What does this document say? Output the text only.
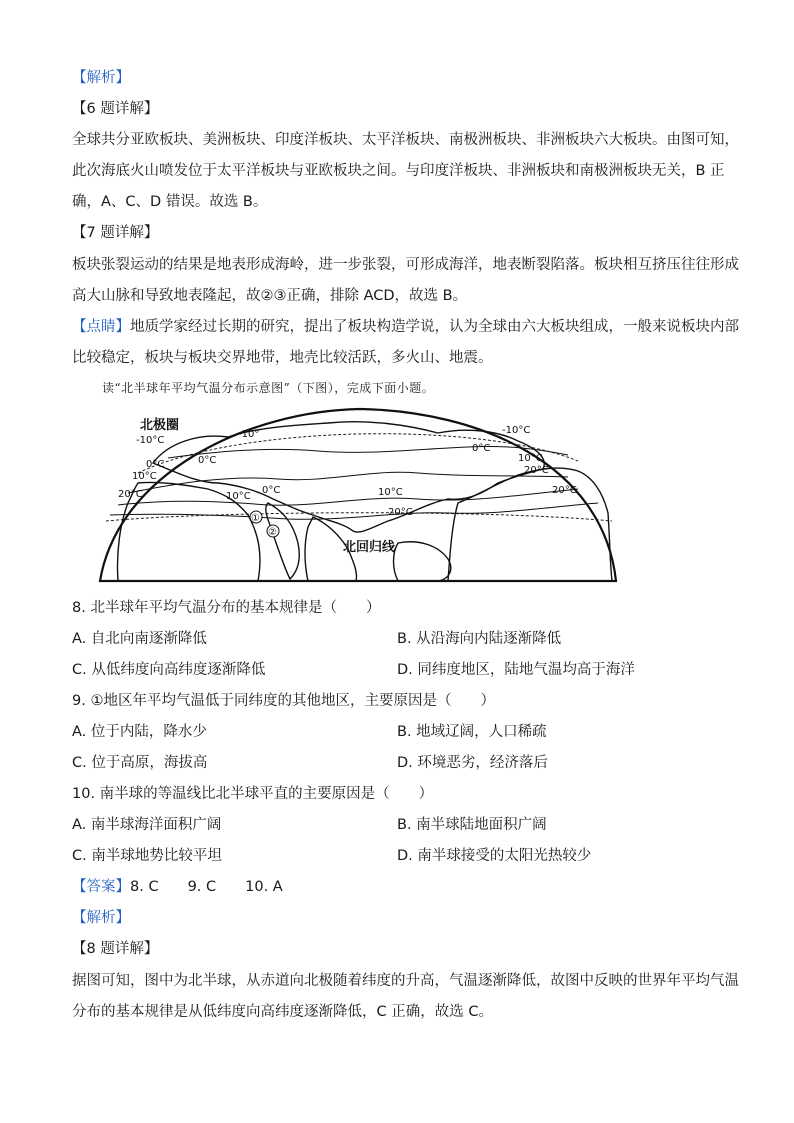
【解析】
【6 题详解】
全球共分亚欧板块、美洲板块、印度洋板块、太平洋板块、南极洲板块、非洲板块六大板块。由图可知，
此次海底火山喷发位于太平洋板块与亚欧板块之间。与印度洋板块、非洲板块和南极洲板块无关，B 正
确，A、C、D 错误。故选 B。
【7 题详解】
板块张裂运动的结果是地表形成海岭，进一步张裂，可形成海洋，地表断裂陷落。板块相互挤压往往形成
高大山脉和导致地表隆起，故②③正确，排除 ACD，故选 B。
【点睛】地质学家经过长期的研究，提出了板块构造学说，认为全球由六大板块组成，一般来说板块内部
比较稳定，板块与板块交界地带，地壳比较活跃，多火山、地震。
读“北半球年平均气温分布示意图”（下图），完成下面小题。
北极圈
北回归线
-10°
-10°C
-10°C
0°C
0°C
0°C
10°C
0°C
10°C
10°C
10°C
20°C
20°C	20°C
20°C
①
②
8. 北半球年平均气温分布的基本规律是（　　）
A. 自北向南逐渐降低	B. 从沿海向内陆逐渐降低
C. 从低纬度向高纬度逐渐降低	D. 同纬度地区，陆地气温均高于海洋
9. ①地区年平均气温低于同纬度的其他地区，主要原因是（　　）
A. 位于内陆，降水少	B. 地域辽阔，人口稀疏
C. 位于高原，海拔高	D. 环境恶劣，经济落后
10. 南半球的等温线比北半球平直的主要原因是（　　）
A. 南半球海洋面积广阔	B. 南半球陆地面积广阔
C. 南半球地势比较平坦	D. 南半球接受的太阳光热较少
【答案】8. C　　9. C　　10. A
【解析】
【8 题详解】
据图可知，图中为北半球，从赤道向北极随着纬度的升高，气温逐渐降低，故图中反映的世界年平均气温
分布的基本规律是从低纬度向高纬度逐渐降低，C 正确，故选 C。
